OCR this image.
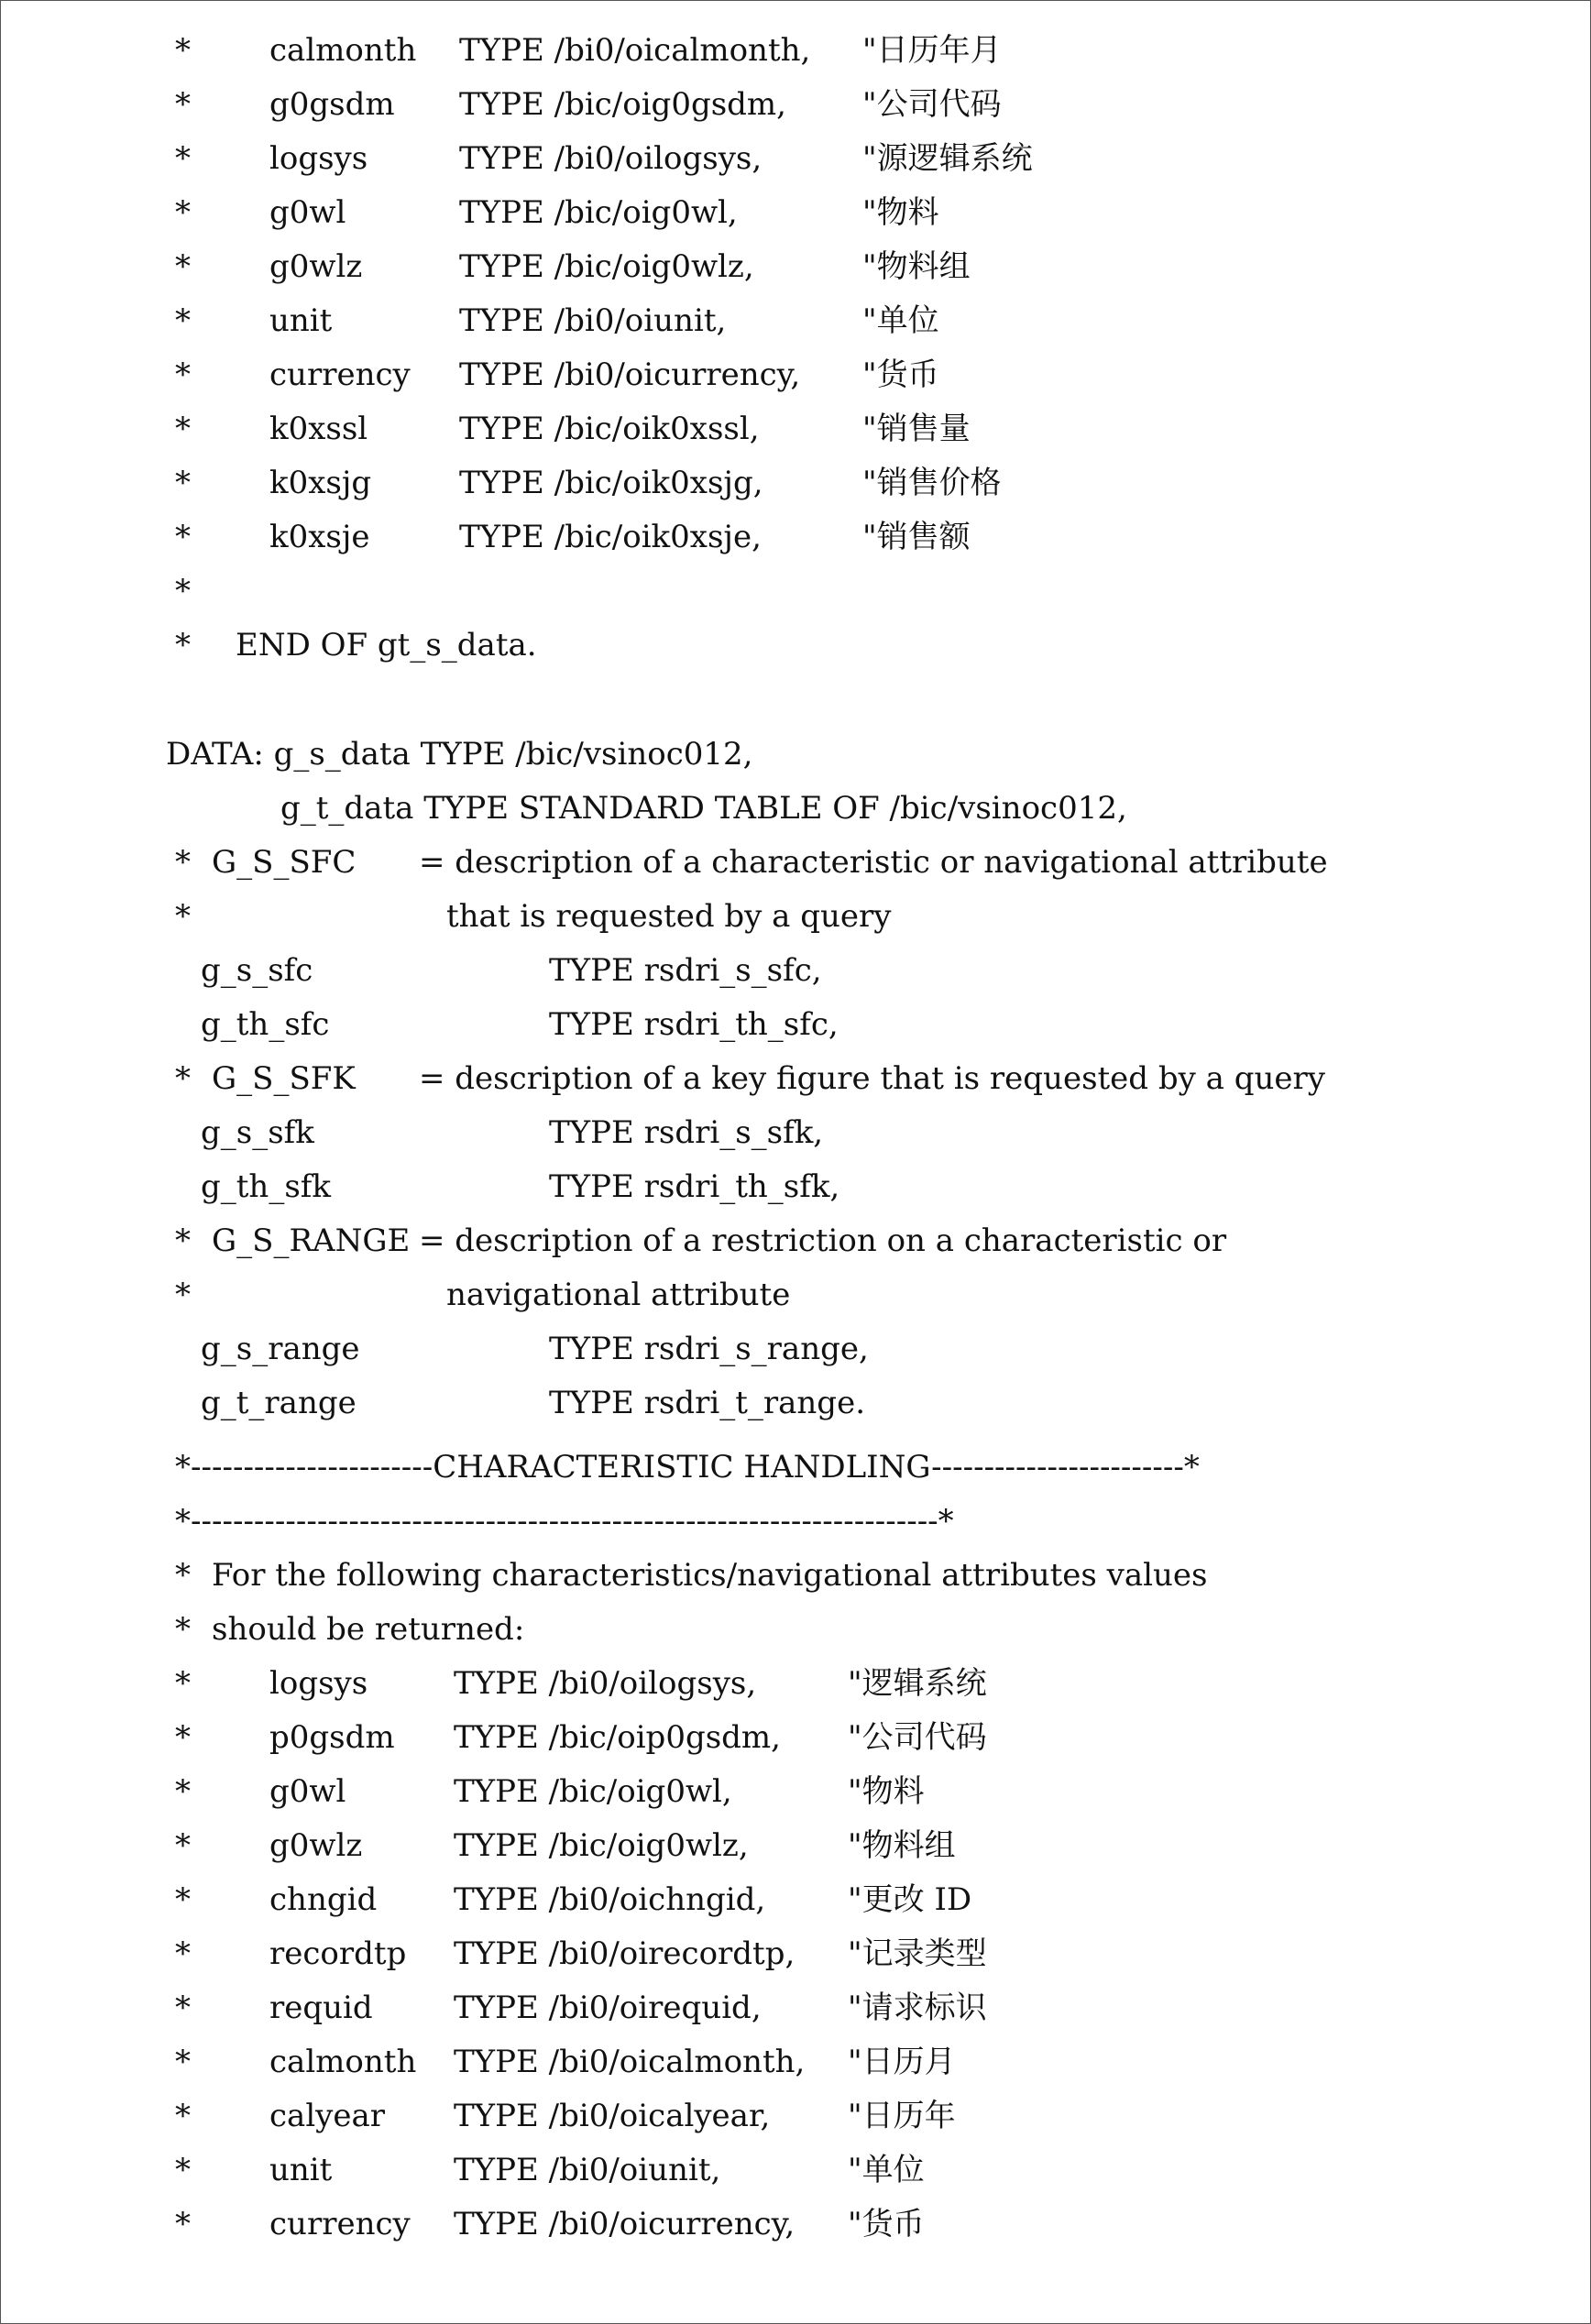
*	calmonth TYPE /bi0/oicalmonth, "日历年月
*	g0gsdm TYPE /bic/oig0gsdm, "公司代码
*	logsys	TYPE /bi0/oilogsys,	"源逻辑系统
*	g0wl	TYPE /bic/oig0wl,	"物料
*	g0wlz	TYPE /bic/oig0wlz,	"物料组
*	unit	TYPE /bi0/oiunit,	"单位
*	currency TYPE /bi0/oicurrency, "货币
*	k0xssl	TYPE /bic/oik0xssl,	"销售量
*	k0xsjg	TYPE /bic/oik0xsjg,	"销售价格
*	k0xsje	TYPE /bic/oik0xsje,	"销售额
*
* END OF gt_s_data.
DATA: g_s_data TYPE /bic/vsinoc012,
g_t_data TYPE STANDARD TABLE OF /bic/vsinoc012,
* G_S_SFC = description of a characteristic or navigational attribute
*	that is requested by a query
g_s_sfc	TYPE rsdri_s_sfc,
g_th_sfc	TYPE rsdri_th_sfc,
* G_S_SFK = description of a key figure that is requested by a query
g_s_sfk	TYPE rsdri_s_sfk,
g_th_sfk	TYPE rsdri_th_sfk,
* G_S_RANGE = description of a restriction on a characteristic or
*	navigational attribute
g_s_range	TYPE rsdri_s_range,
g_t_range	TYPE rsdri_t_range.
*-----------------------CHARACTERISTIC HANDLING------------------------*
*-----------------------------------------------------------------------*
* For the following characteristics/navigational attributes values
* should be returned:
*	logsys	TYPE /bi0/oilogsys,	"逻辑系统
*	p0gsdm TYPE /bic/oip0gsdm, "公司代码
*	g0wl	TYPE /bic/oig0wl,	"物料
*	g0wlz	TYPE /bic/oig0wlz,	"物料组
*	chngid TYPE /bi0/oichngid,	"更改 ID
*	recordtp TYPE /bi0/oirecordtp, "记录类型
*	requid	TYPE /bi0/oirequid,	"请求标识
*	calmonth TYPE /bi0/oicalmonth, "日历月
*	calyear TYPE /bi0/oicalyear, "日历年
*	unit	TYPE /bi0/oiunit,	"单位
*	currency TYPE /bi0/oicurrency, "货币
